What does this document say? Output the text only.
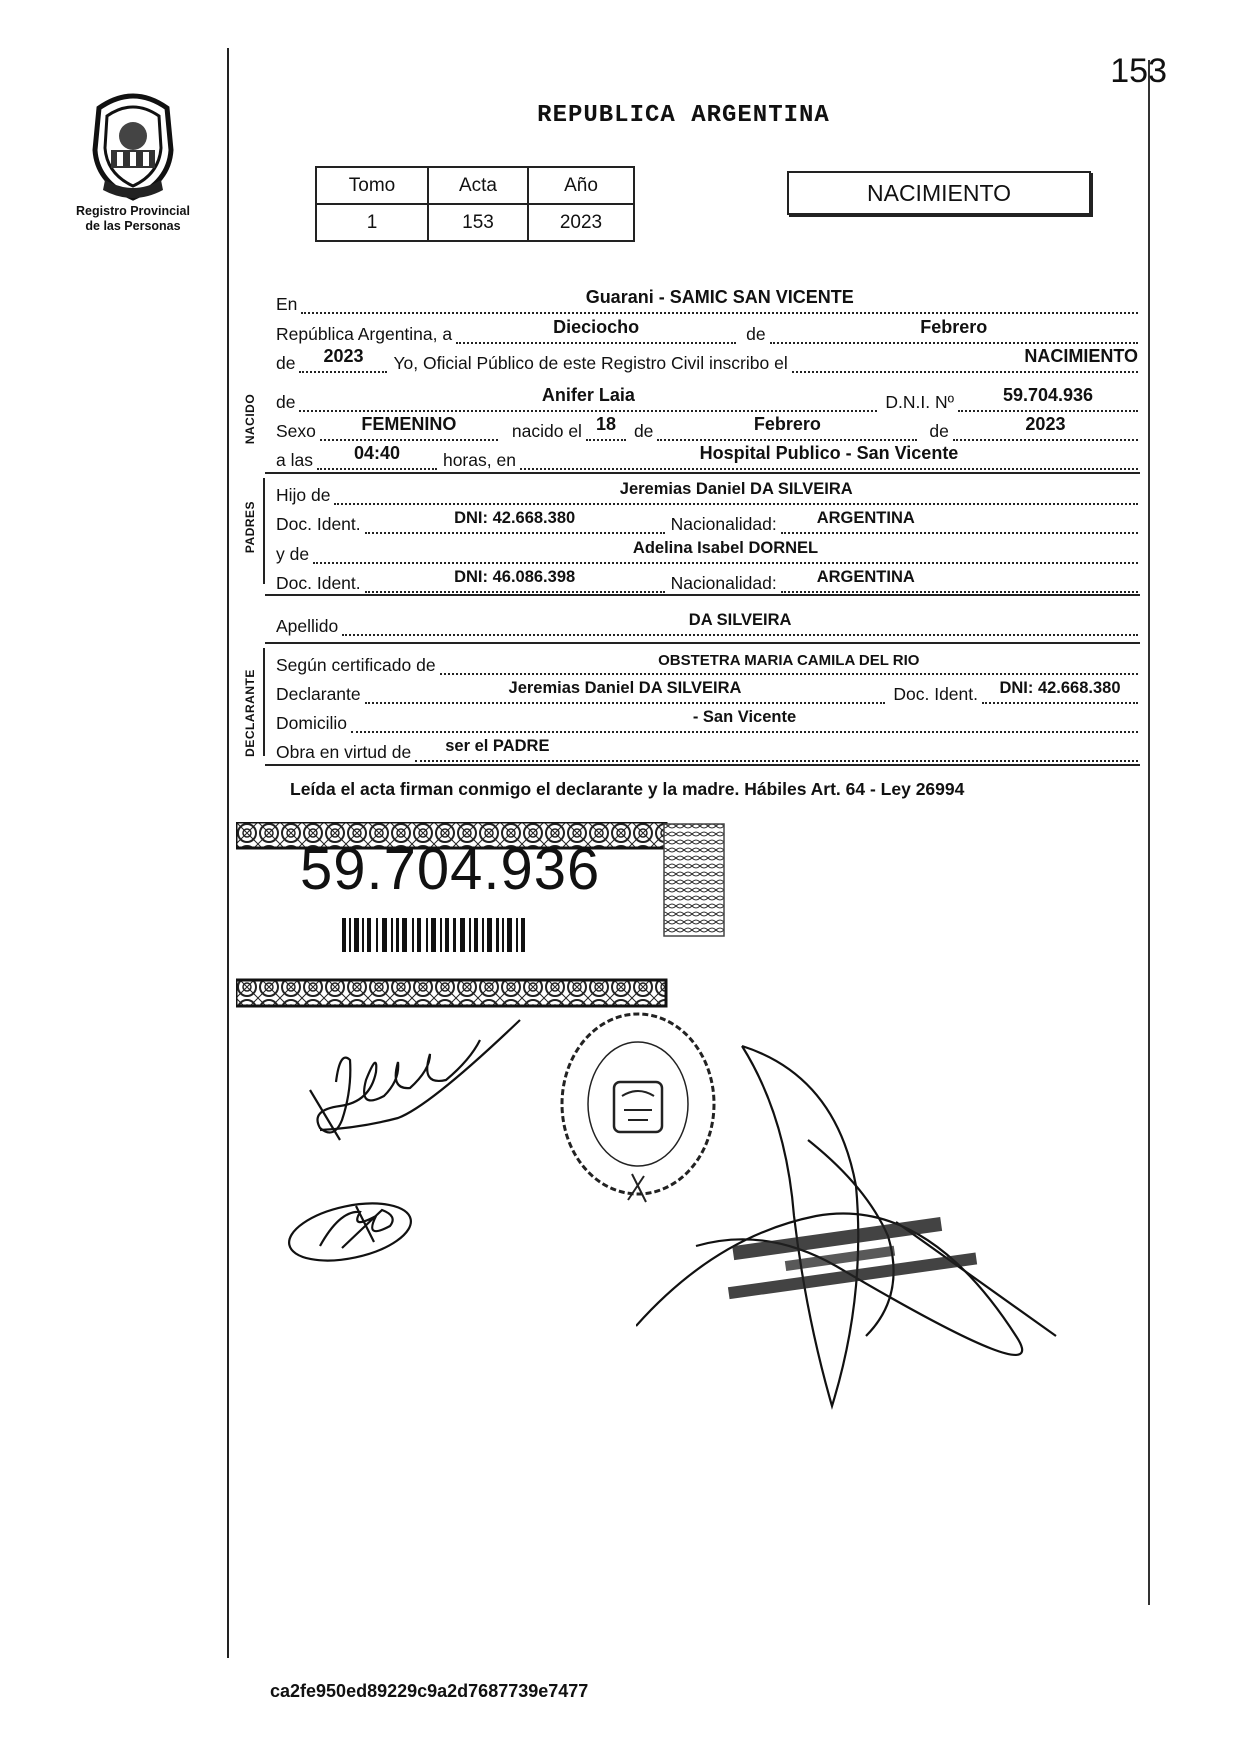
Registro Provincial
de las Personas
153
REPUBLICA ARGENTINA
Tomo	Acta	Año
1	153	2023
NACIMIENTO
En	Guarani - SAMIC SAN VICENTE
República Argentina, a	Dieciocho	de	Febrero
de	2023	Yo, Oficial Público de este Registro Civil inscribo el	NACIMIENTO
NACIDO de	Anifer Laia	D.N.I. Nº	59.704.936
Sexo	FEMENINO	nacido el 18	de	Febrero	de	2023
a las	04:40	horas, en	Hospital Publico - San Vicente
PADRES
Hijo de	Jeremias Daniel DA SILVEIRA
Doc. Ident.	DNI: 42.668.380	Nacionalidad:	ARGENTINA
y de	Adelina Isabel DORNEL
Doc. Ident.	DNI: 46.086.398	Nacionalidad:	ARGENTINA
Apellido	DA SILVEIRA
DECLARANTE
Según certificado de	OBSTETRA MARIA CAMILA DEL RIO
Declarante	Jeremias Daniel DA SILVEIRA	Doc. Ident.	DNI: 42.668.380
Domicilio	- San Vicente
Obra en virtud de	ser el PADRE
Leída el acta firman conmigo el declarante y la madre. Hábiles Art. 64 - Ley 26994
59.704.936
ca2fe950ed89229c9a2d7687739e7477
